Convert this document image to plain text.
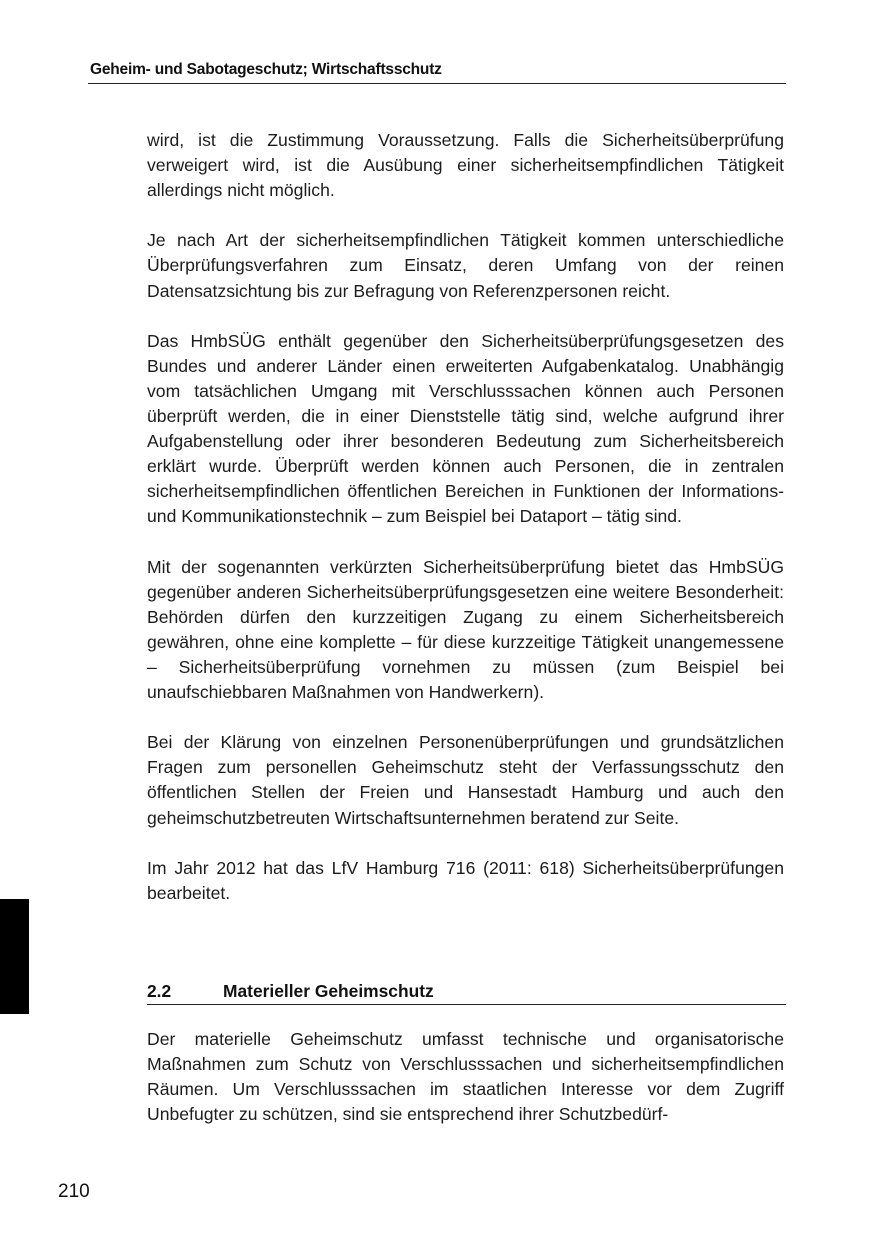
Geheim- und Sabotageschutz; Wirtschaftsschutz

wird, ist die Zustimmung Voraussetzung. Falls die Sicherheitsüberprüfung verweigert wird, ist die Ausübung einer sicherheitsempfindlichen Tätigkeit allerdings nicht möglich.

Je nach Art der sicherheitsempfindlichen Tätigkeit kommen unterschiedliche Überprüfungsverfahren zum Einsatz, deren Umfang von der reinen Datensatzsichtung bis zur Befragung von Referenzpersonen reicht.

Das HmbSÜG enthält gegenüber den Sicherheitsüberprüfungsgesetzen des Bundes und anderer Länder einen erweiterten Aufgabenkatalog. Unabhängig vom tatsächlichen Umgang mit Verschlusssachen können auch Personen überprüft werden, die in einer Dienststelle tätig sind, welche aufgrund ihrer Aufgabenstellung oder ihrer besonderen Bedeutung zum Sicherheitsbereich erklärt wurde. Überprüft werden können auch Personen, die in zentralen sicherheitsempfindlichen öffentlichen Bereichen in Funktionen der Informations- und Kommunikationstechnik – zum Beispiel bei Dataport – tätig sind.

Mit der sogenannten verkürzten Sicherheitsüberprüfung bietet das HmbSÜG gegenüber anderen Sicherheitsüberprüfungsgesetzen eine weitere Besonderheit: Behörden dürfen den kurzzeitigen Zugang zu einem Sicherheitsbereich gewähren, ohne eine komplette – für diese kurzzeitige Tätigkeit unangemessene – Sicherheitsüberprüfung vornehmen zu müssen (zum Beispiel bei unaufschiebbaren Maßnahmen von Handwerkern).

Bei der Klärung von einzelnen Personenüberprüfungen und grundsätzlichen Fragen zum personellen Geheimschutz steht der Verfassungsschutz den öffentlichen Stellen der Freien und Hansestadt Hamburg und auch den geheimschutzbetreuten Wirtschaftsunternehmen beratend zur Seite.

Im Jahr 2012 hat das LfV Hamburg 716 (2011: 618) Sicherheitsüberprüfungen bearbeitet.

2.2	Materieller Geheimschutz

Der materielle Geheimschutz umfasst technische und organisatorische Maßnahmen zum Schutz von Verschlusssachen und sicherheitsempfindlichen Räumen. Um Verschlusssachen im staatlichen Interesse vor dem Zugriff Unbefugter zu schützen, sind sie entsprechend ihrer Schutzbedürf-

210
